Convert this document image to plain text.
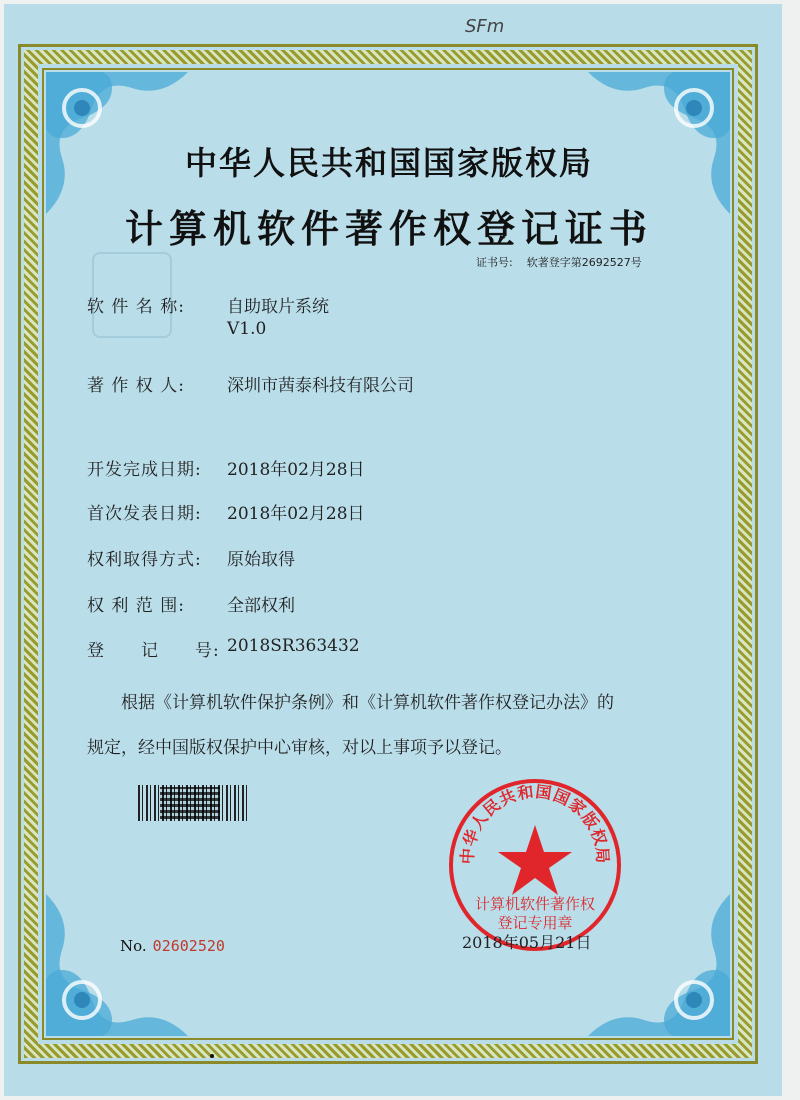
SFm
中华人民共和国国家版权局
计算机软件著作权登记证书
证书号: 软著登字第2692527号
软 件 名 称:	自助取片系统
V1.0
著 作 权 人:	深圳市茜泰科技有限公司
开发完成日期:	2018年02月28日
首次发表日期:	2018年02月28日
权利取得方式:	原始取得
权 利 范 围:	全部权利
登　　记　　号: 2018SR363432
　　根据《计算机软件保护条例》和《计算机软件著作权登记办法》的
规定，经中国版权保护中心审核，对以上事项予以登记。
中华人民共和国国家版权局
计算机软件著作权
登记专用章
No. 02602520	2018年05月21日
